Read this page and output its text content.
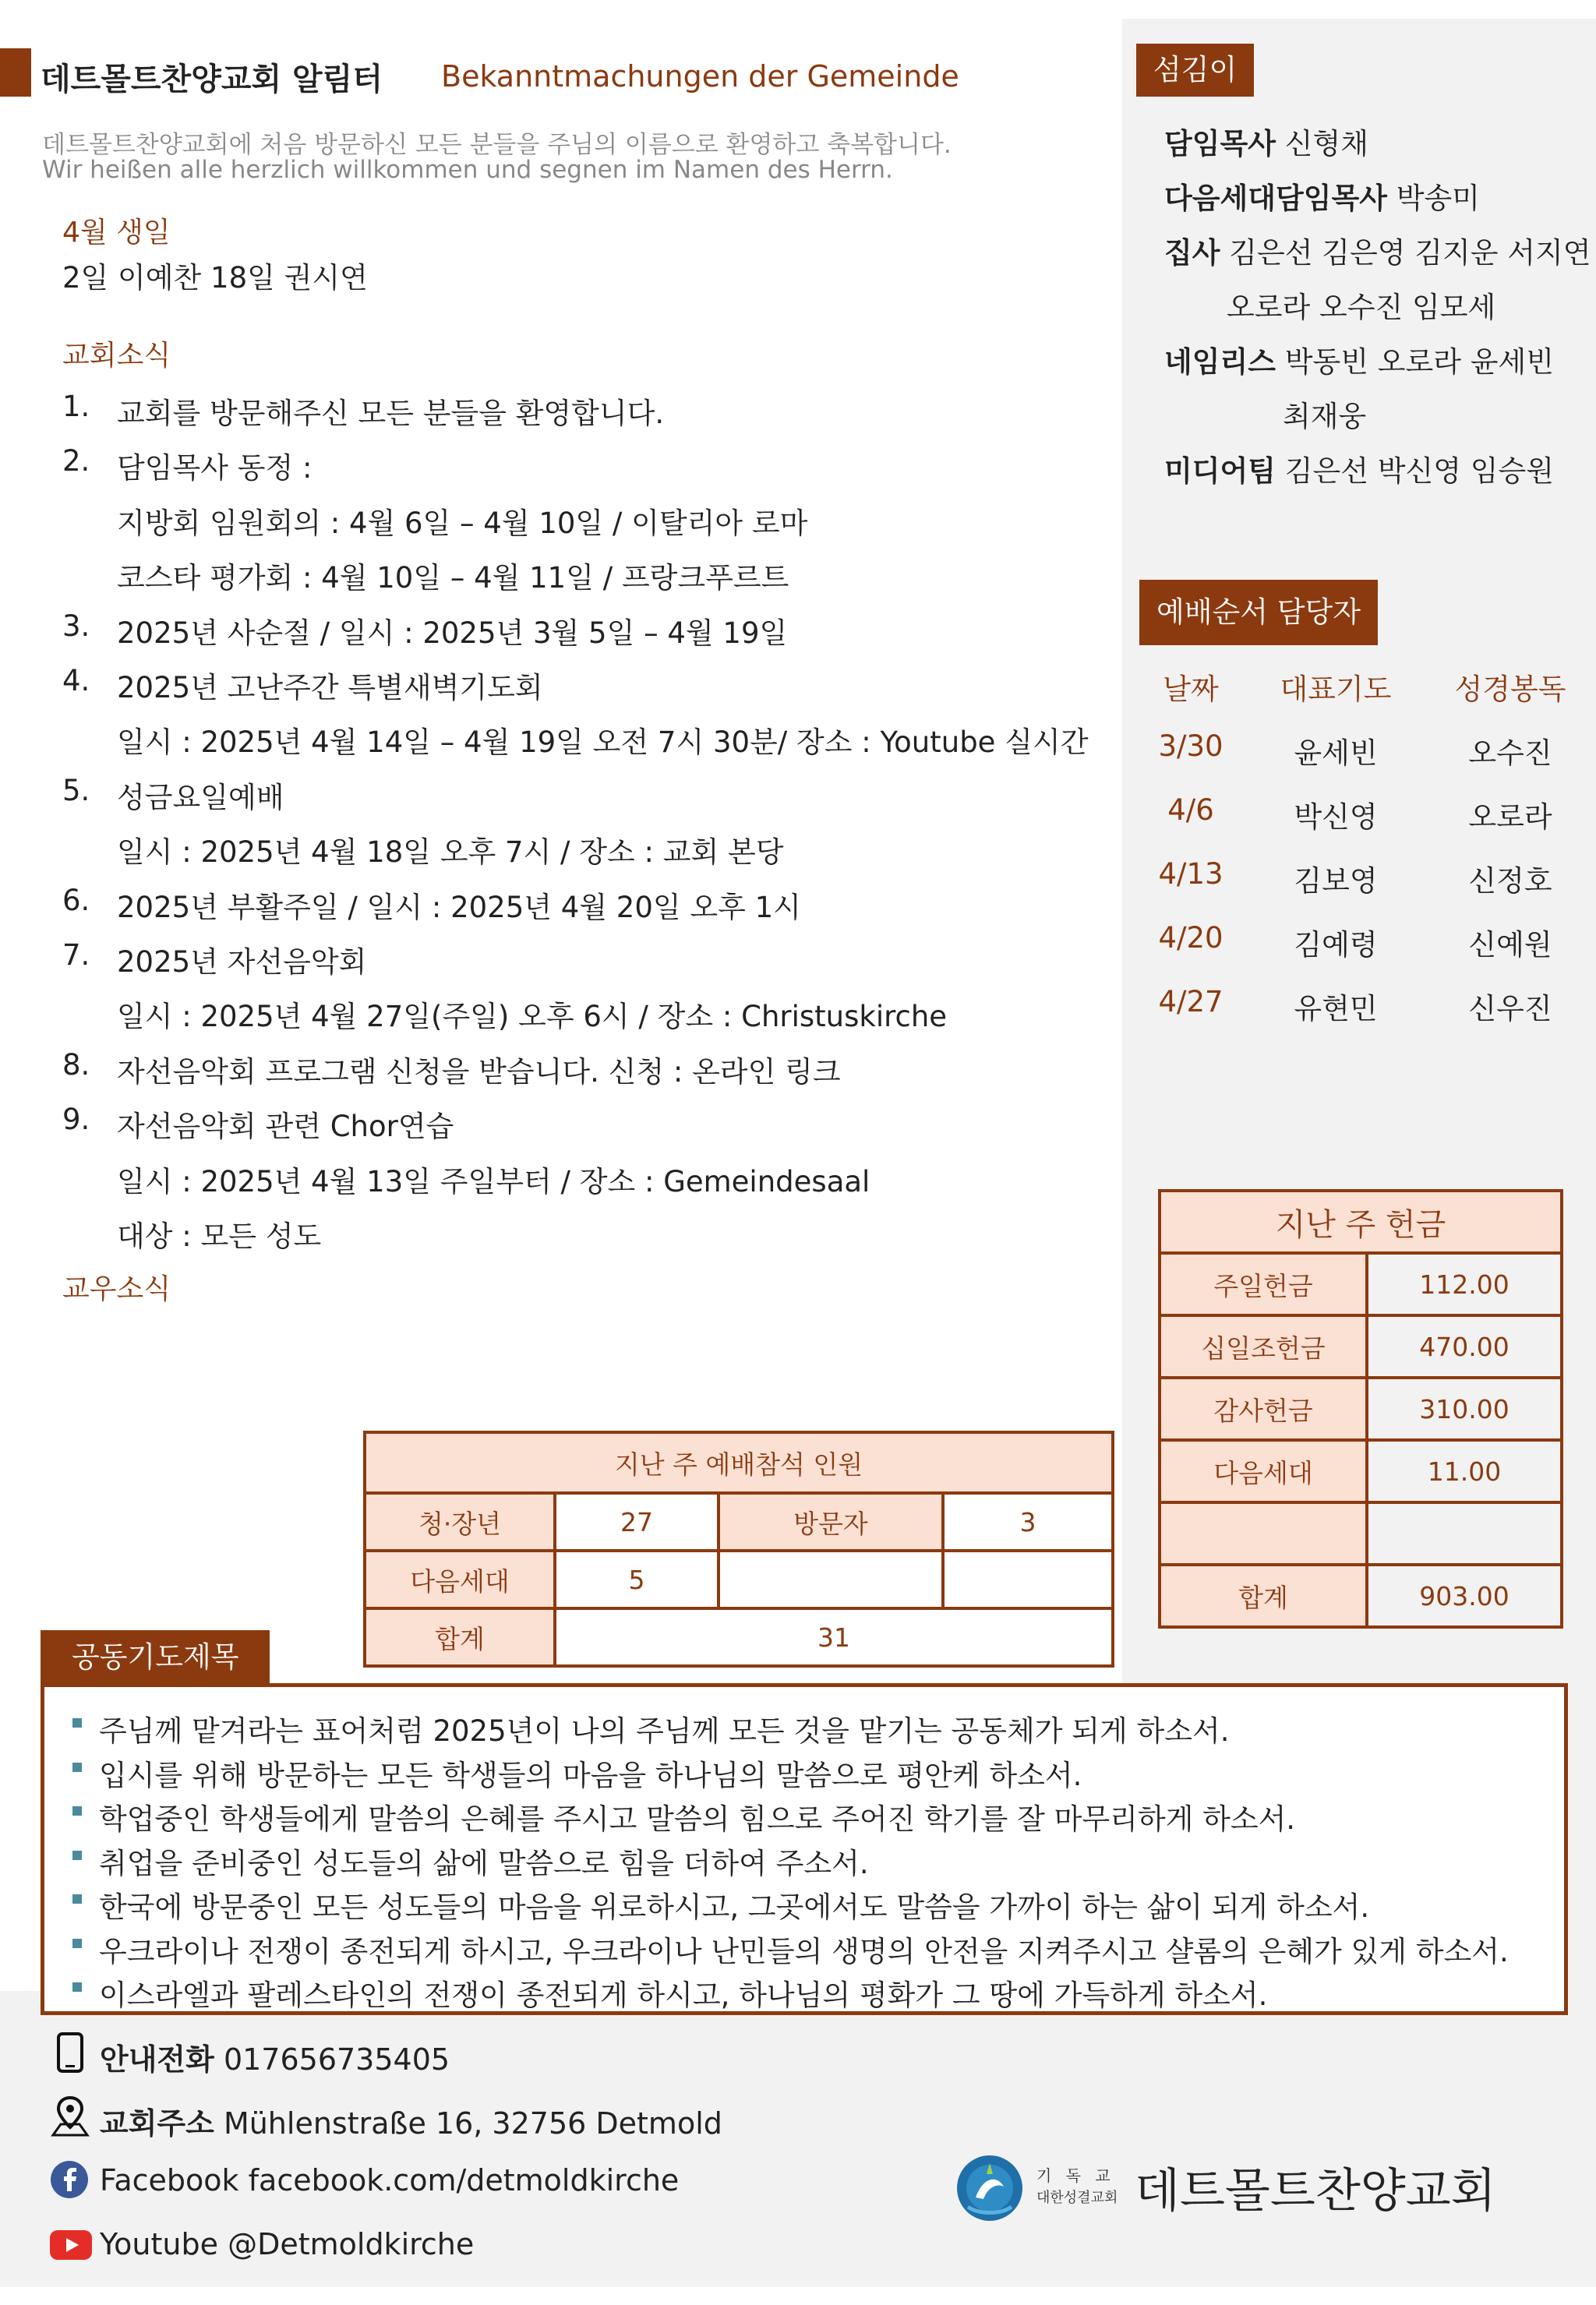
데트몰트찬양교회 알림터 Bekanntmachungen der Gemeinde
데트몰트찬양교회에 처음 방문하신 모든 분들을 주님의 이름으로 환영하고 축복합니다.
Wir heißen alle herzlich willkommen und segnen im Namen des Herrn.
4월 생일
2일 이예찬 18일 권시연
교회소식
1. 교회를 방문해주신 모든 분들을 환영합니다.
2. 담임목사 동정 :
지방회 임원회의 : 4월 6일 – 4월 10일 / 이탈리아 로마
코스타 평가회 : 4월 10일 – 4월 11일 / 프랑크푸르트
3. 2025년 사순절 / 일시 : 2025년 3월 5일 – 4월 19일
4. 2025년 고난주간 특별새벽기도회
일시 : 2025년 4월 14일 – 4월 19일 오전 7시 30분/ 장소 : Youtube 실시간
5. 성금요일예배
일시 : 2025년 4월 18일 오후 7시 / 장소 : 교회 본당
6. 2025년 부활주일 / 일시 : 2025년 4월 20일 오후 1시
7. 2025년 자선음악회
일시 : 2025년 4월 27일(주일) 오후 6시 / 장소 : Christuskirche
8. 자선음악회 프로그램 신청을 받습니다. 신청 : 온라인 링크
9. 자선음악회 관련 Chor연습
일시 : 2025년 4월 13일 주일부터 / 장소 : Gemeindesaal
대상 : 모든 성도
교우소식
섬김이
담임목사 신형채
다음세대담임목사 박송미
집사 김은선 김은영 김지운 서지연
오로라 오수진 임모세
네임리스 박동빈 오로라 윤세빈
최재웅
미디어팀 김은선 박신영 임승원
예배순서 담당자
날짜	대표기도	성경봉독
3/30	윤세빈	오수진
4/6	박신영	오로라
4/13	김보영	신정호
4/20	김예령	신예원
4/27	유현민	신우진
지난 주 헌금	
주일헌금	112.00
십일조헌금	470.00
감사헌금	310.00
다음세대	11.00

합계	903.00
지난 주 예배참석 인원			
청·장년	27	방문자	3
다음세대	5		
합계	31		
주님께 맡겨라는 표어처럼 2025년이 나의 주님께 모든 것을 맡기는 공동체가 되게 하소서.
입시를 위해 방문하는 모든 학생들의 마음을 하나님의 말씀으로 평안케 하소서.
학업중인 학생들에게 말씀의 은혜를 주시고 말씀의 힘으로 주어진 학기를 잘 마무리하게 하소서.
취업을 준비중인 성도들의 삶에 말씀으로 힘을 더하여 주소서.
한국에 방문중인 모든 성도들의 마음을 위로하시고, 그곳에서도 말씀을 가까이 하는 삶이 되게 하소서.
우크라이나 전쟁이 종전되게 하시고, 우크라이나 난민들의 생명의 안전을 지켜주시고 샬롬의 은혜가 있게 하소서.
이스라엘과 팔레스타인의 전쟁이 종전되게 하시고, 하나님의 평화가 그 땅에 가득하게 하소서.
공동기도제목
안내전화 017656735405
교회주소 Mühlenstraße 16, 32756 Detmold
Facebook facebook.com/detmoldkirche
Youtube @Detmoldkirche
기 독 교
대한성결교회 데트몰트찬양교회
